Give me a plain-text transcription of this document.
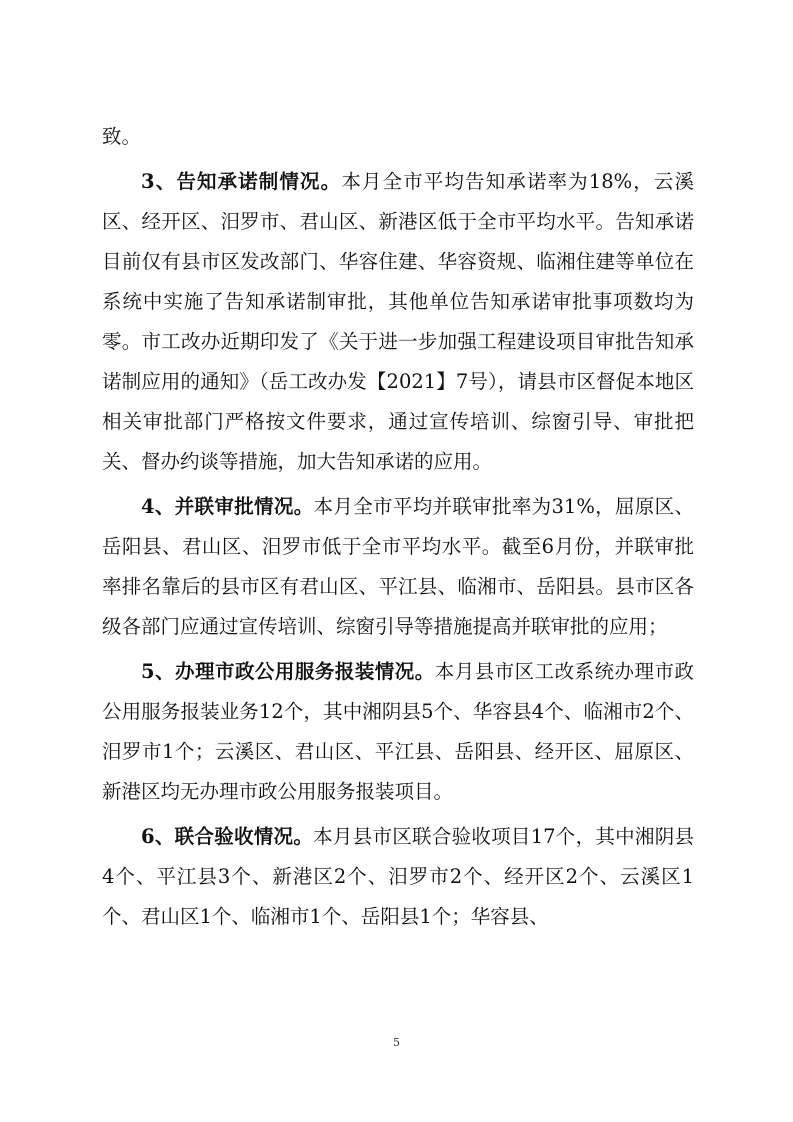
致。

3、告知承诺制情况。本月全市平均告知承诺率为18%，云溪区、经开区、汨罗市、君山区、新港区低于全市平均水平。告知承诺目前仅有县市区发改部门、华容住建、华容资规、临湘住建等单位在系统中实施了告知承诺制审批，其他单位告知承诺审批事项数均为零。市工改办近期印发了《关于进一步加强工程建设项目审批告知承诺制应用的通知》（岳工改办发【2021】7号），请县市区督促本地区相关审批部门严格按文件要求，通过宣传培训、综窗引导、审批把关、督办约谈等措施，加大告知承诺的应用。

4、并联审批情况。本月全市平均并联审批率为31%，屈原区、岳阳县、君山区、汨罗市低于全市平均水平。截至6月份，并联审批率排名靠后的县市区有君山区、平江县、临湘市、岳阳县。县市区各级各部门应通过宣传培训、综窗引导等措施提高并联审批的应用；

5、办理市政公用服务报装情况。本月县市区工改系统办理市政公用服务报装业务12个，其中湘阴县5个、华容县4个、临湘市2个、汨罗市1个；云溪区、君山区、平江县、岳阳县、经开区、屈原区、新港区均无办理市政公用服务报装项目。

6、联合验收情况。本月县市区联合验收项目17个，其中湘阴县4个、平江县3个、新港区2个、汨罗市2个、经开区2个、云溪区1个、君山区1个、临湘市1个、岳阳县1个；华容县、

5
